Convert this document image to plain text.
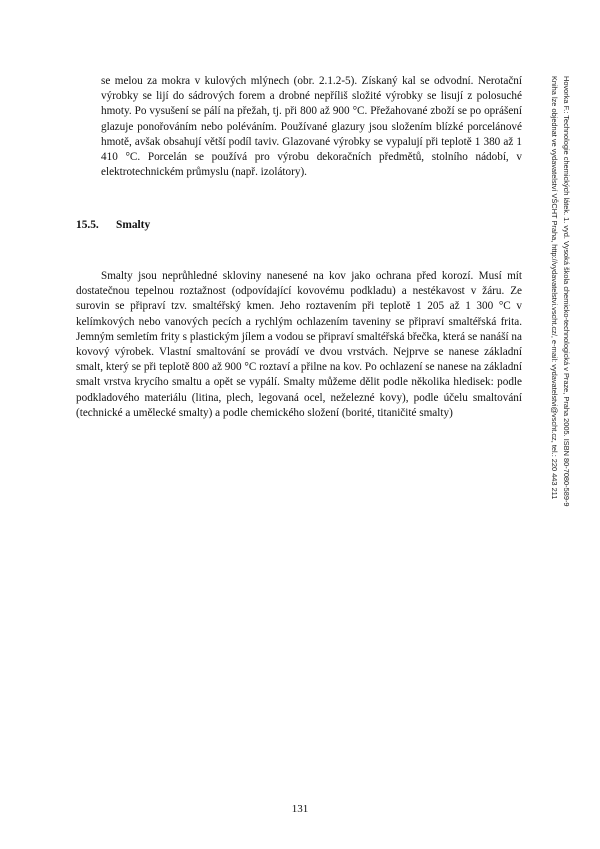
se melou za mokra v kulových mlýnech (obr. 2.1.2-5). Získaný kal se odvodní. Nerotační výrobky se lijí do sádrových forem a drobné nepříliš složité výrobky se lisují z polosuché hmoty. Po vysušení se pálí na přežah, tj. při 800 až 900 °C. Přežahované zboží se po oprášení glazuje ponořováním nebo poléváním. Používané glazury jsou složením blízké porcelánové hmotě, avšak obsahují větší podíl taviv. Glazované výrobky se vypalují při teplotě 1 380 až 1 410 °C. Porcelán se používá pro výrobu dekoračních předmětů, stolního nádobí, v elektrotechnickém průmyslu (např. izolátory).

15.5. Smalty

Smalty jsou neprůhledné skloviny nanesené na kov jako ochrana před korozí. Musí mít dostatečnou tepelnou roztažnost (odpovídající kovovému podkladu) a nestékavost v žáru. Ze surovin se připraví tzv. smaltéřský kmen. Jeho roztavením při teplotě 1 205 až 1 300 °C v kelímkových nebo vanových pecích a rychlým ochlazením taveniny se připraví smaltéřská frita. Jemným semletím frity s plastickým jílem a vodou se připraví smaltéřská břečka, která se nanáší na kovový výrobek. Vlastní smaltování se provádí ve dvou vrstvách. Nejprve se nanese základní smalt, který se při teplotě 800 až 900 °C roztaví a přilne na kov. Po ochlazení se nanese na základní smalt vrstva krycího smaltu a opět se vypálí. Smalty můžeme dělit podle několika hledisek: podle podkladového materiálu (litina, plech, legovaná ocel, neželezné kovy), podle účelu smaltování (technické a umělecké smalty) a podle chemického složení (borité, titaničité smalty)	Hovorka F.: Technologie chemických látek. 1. vyd. Vysoká škola chemicko-technologická v Praze, Praha 2005. ISBN 80-7080-589-9
Kniha lze objednat ve vydavatelství VŠCHT Praha, http://vydavatelstvi.vscht.cz/, e-mail: vydavatelstvi@vscht.cz, tel.: 220 443 211
131
